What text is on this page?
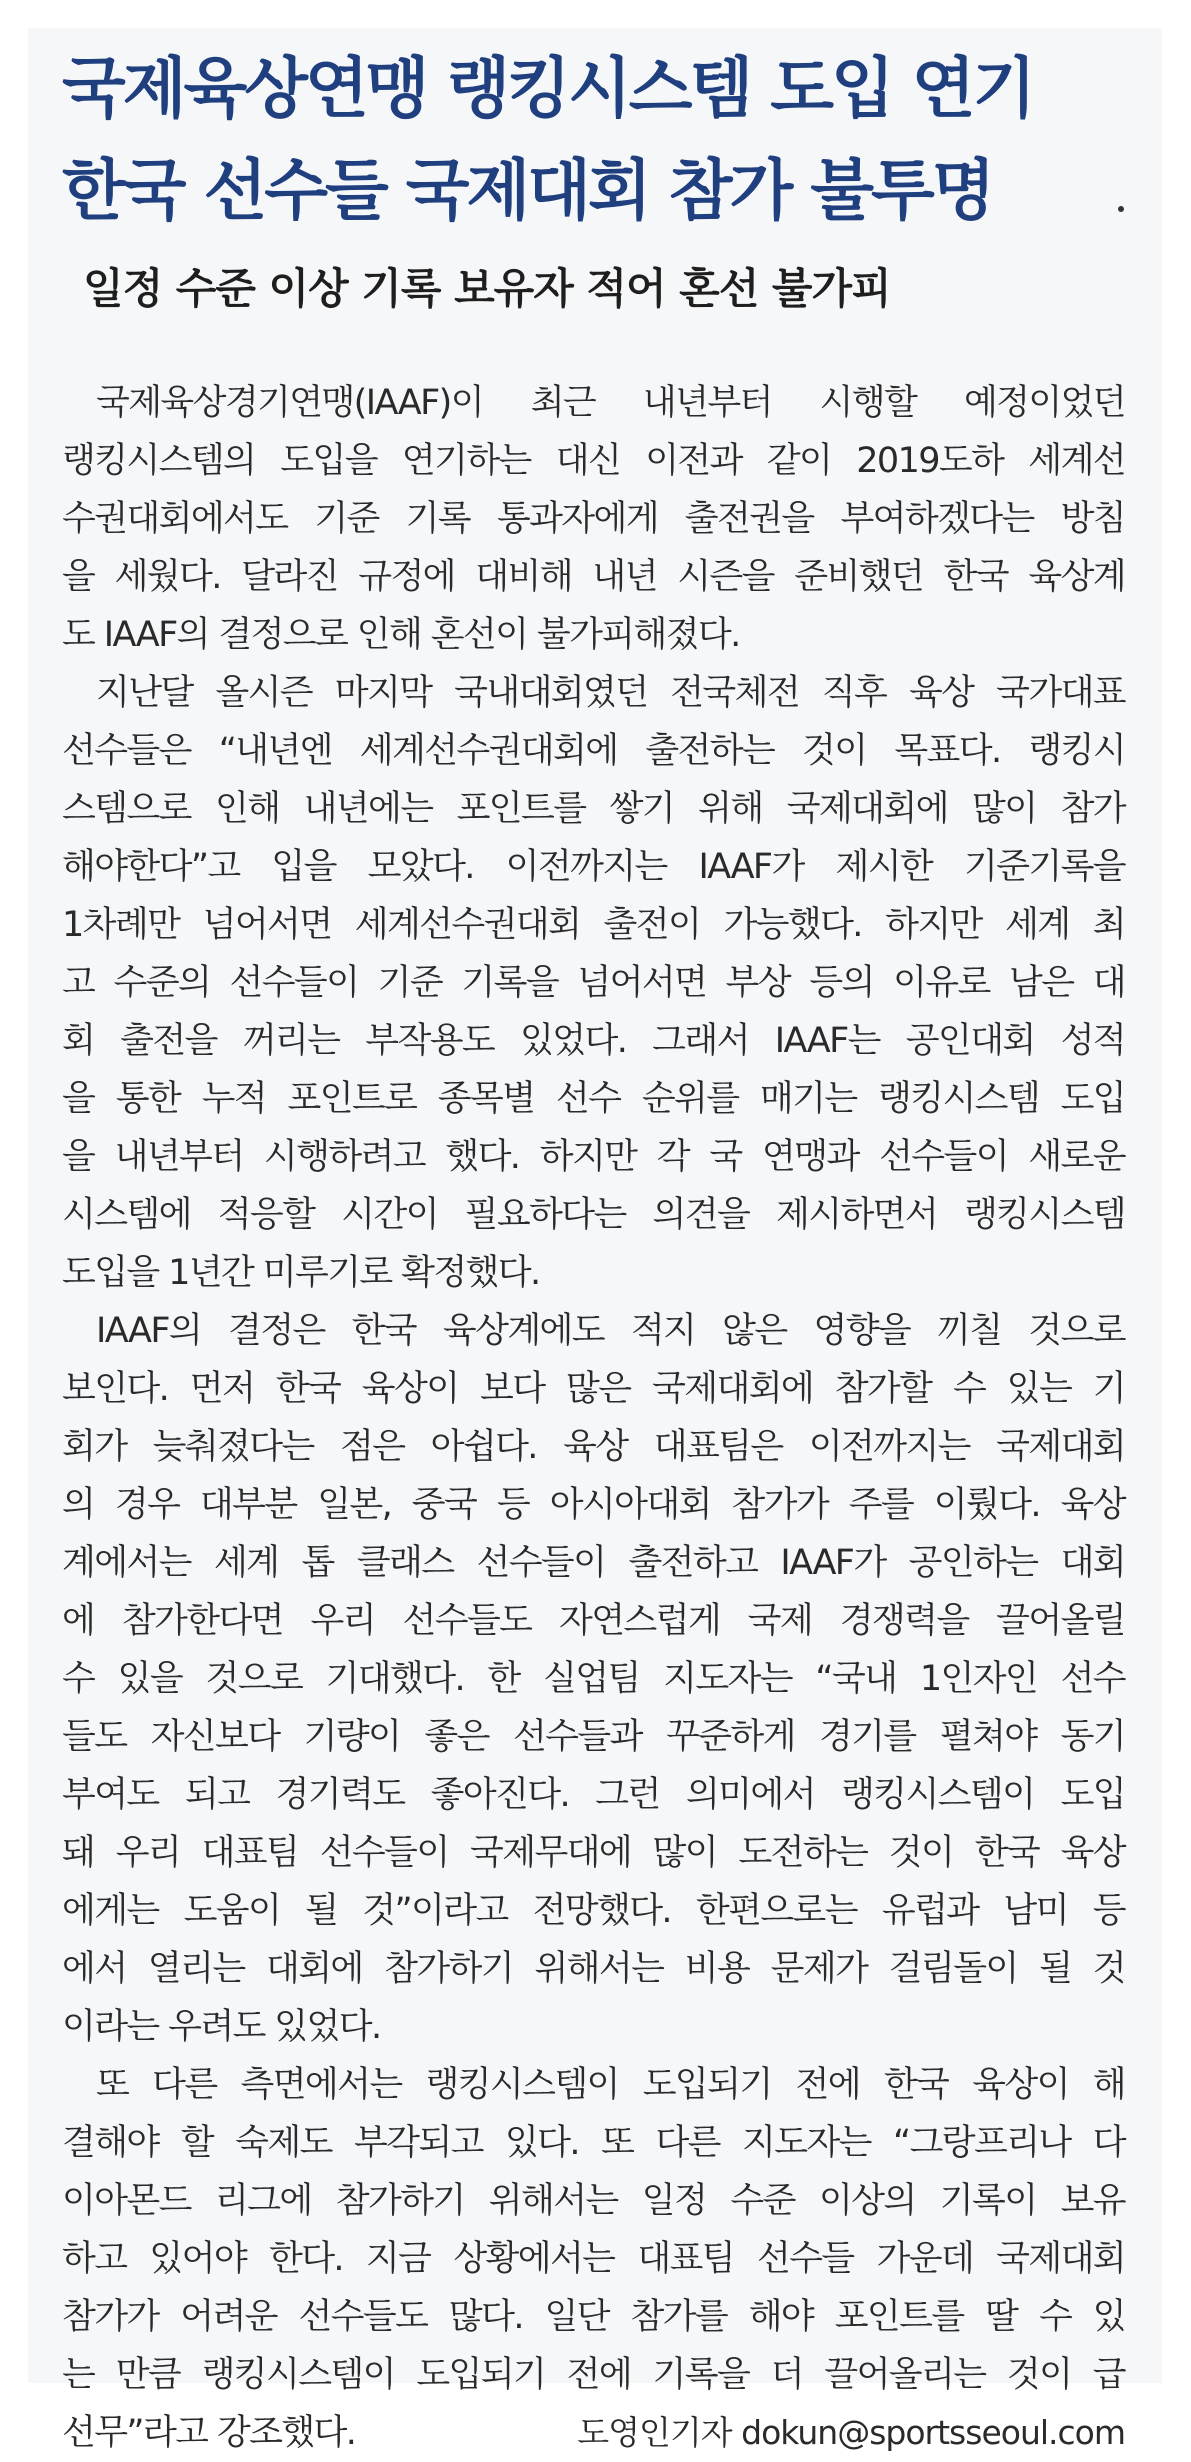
국제육상연맹 랭킹시스템 도입 연기
한국 선수들 국제대회 참가 불투명
일정 수준 이상 기록 보유자 적어 혼선 불가피
국제육상경기연맹(IAAF)이 최근 내년부터 시행할 예정이었던
랭킹시스템의 도입을 연기하는 대신 이전과 같이 2019도하 세계선
수권대회에서도 기준 기록 통과자에게 출전권을 부여하겠다는 방침
을 세웠다. 달라진 규정에 대비해 내년 시즌을 준비했던 한국 육상계
도 IAAF의 결정으로 인해 혼선이 불가피해졌다.
지난달 올시즌 마지막 국내대회였던 전국체전 직후 육상 국가대표
선수들은 “내년엔 세계선수권대회에 출전하는 것이 목표다. 랭킹시
스템으로 인해 내년에는 포인트를 쌓기 위해 국제대회에 많이 참가
해야한다”고 입을 모았다. 이전까지는 IAAF가 제시한 기준기록을
1차례만 넘어서면 세계선수권대회 출전이 가능했다. 하지만 세계 최
고 수준의 선수들이 기준 기록을 넘어서면 부상 등의 이유로 남은 대
회 출전을 꺼리는 부작용도 있었다. 그래서 IAAF는 공인대회 성적
을 통한 누적 포인트로 종목별 선수 순위를 매기는 랭킹시스템 도입
을 내년부터 시행하려고 했다. 하지만 각 국 연맹과 선수들이 새로운
시스템에 적응할 시간이 필요하다는 의견을 제시하면서 랭킹시스템
도입을 1년간 미루기로 확정했다.
IAAF의 결정은 한국 육상계에도 적지 않은 영향을 끼칠 것으로
보인다. 먼저 한국 육상이 보다 많은 국제대회에 참가할 수 있는 기
회가 늦춰졌다는 점은 아쉽다. 육상 대표팀은 이전까지는 국제대회
의 경우 대부분 일본, 중국 등 아시아대회 참가가 주를 이뤘다. 육상
계에서는 세계 톱 클래스 선수들이 출전하고 IAAF가 공인하는 대회
에 참가한다면 우리 선수들도 자연스럽게 국제 경쟁력을 끌어올릴
수 있을 것으로 기대했다. 한 실업팀 지도자는 “국내 1인자인 선수
들도 자신보다 기량이 좋은 선수들과 꾸준하게 경기를 펼쳐야 동기
부여도 되고 경기력도 좋아진다. 그런 의미에서 랭킹시스템이 도입
돼 우리 대표팀 선수들이 국제무대에 많이 도전하는 것이 한국 육상
에게는 도움이 될 것”이라고 전망했다. 한편으로는 유럽과 남미 등
에서 열리는 대회에 참가하기 위해서는 비용 문제가 걸림돌이 될 것
이라는 우려도 있었다.
또 다른 측면에서는 랭킹시스템이 도입되기 전에 한국 육상이 해
결해야 할 숙제도 부각되고 있다. 또 다른 지도자는 “그랑프리나 다
이아몬드 리그에 참가하기 위해서는 일정 수준 이상의 기록이 보유
하고 있어야 한다. 지금 상황에서는 대표팀 선수들 가운데 국제대회
참가가 어려운 선수들도 많다. 일단 참가를 해야 포인트를 딸 수 있
는 만큼 랭킹시스템이 도입되기 전에 기록을 더 끌어올리는 것이 급
선무”라고 강조했다.	도영인기자 dokun@sportsseoul.com
